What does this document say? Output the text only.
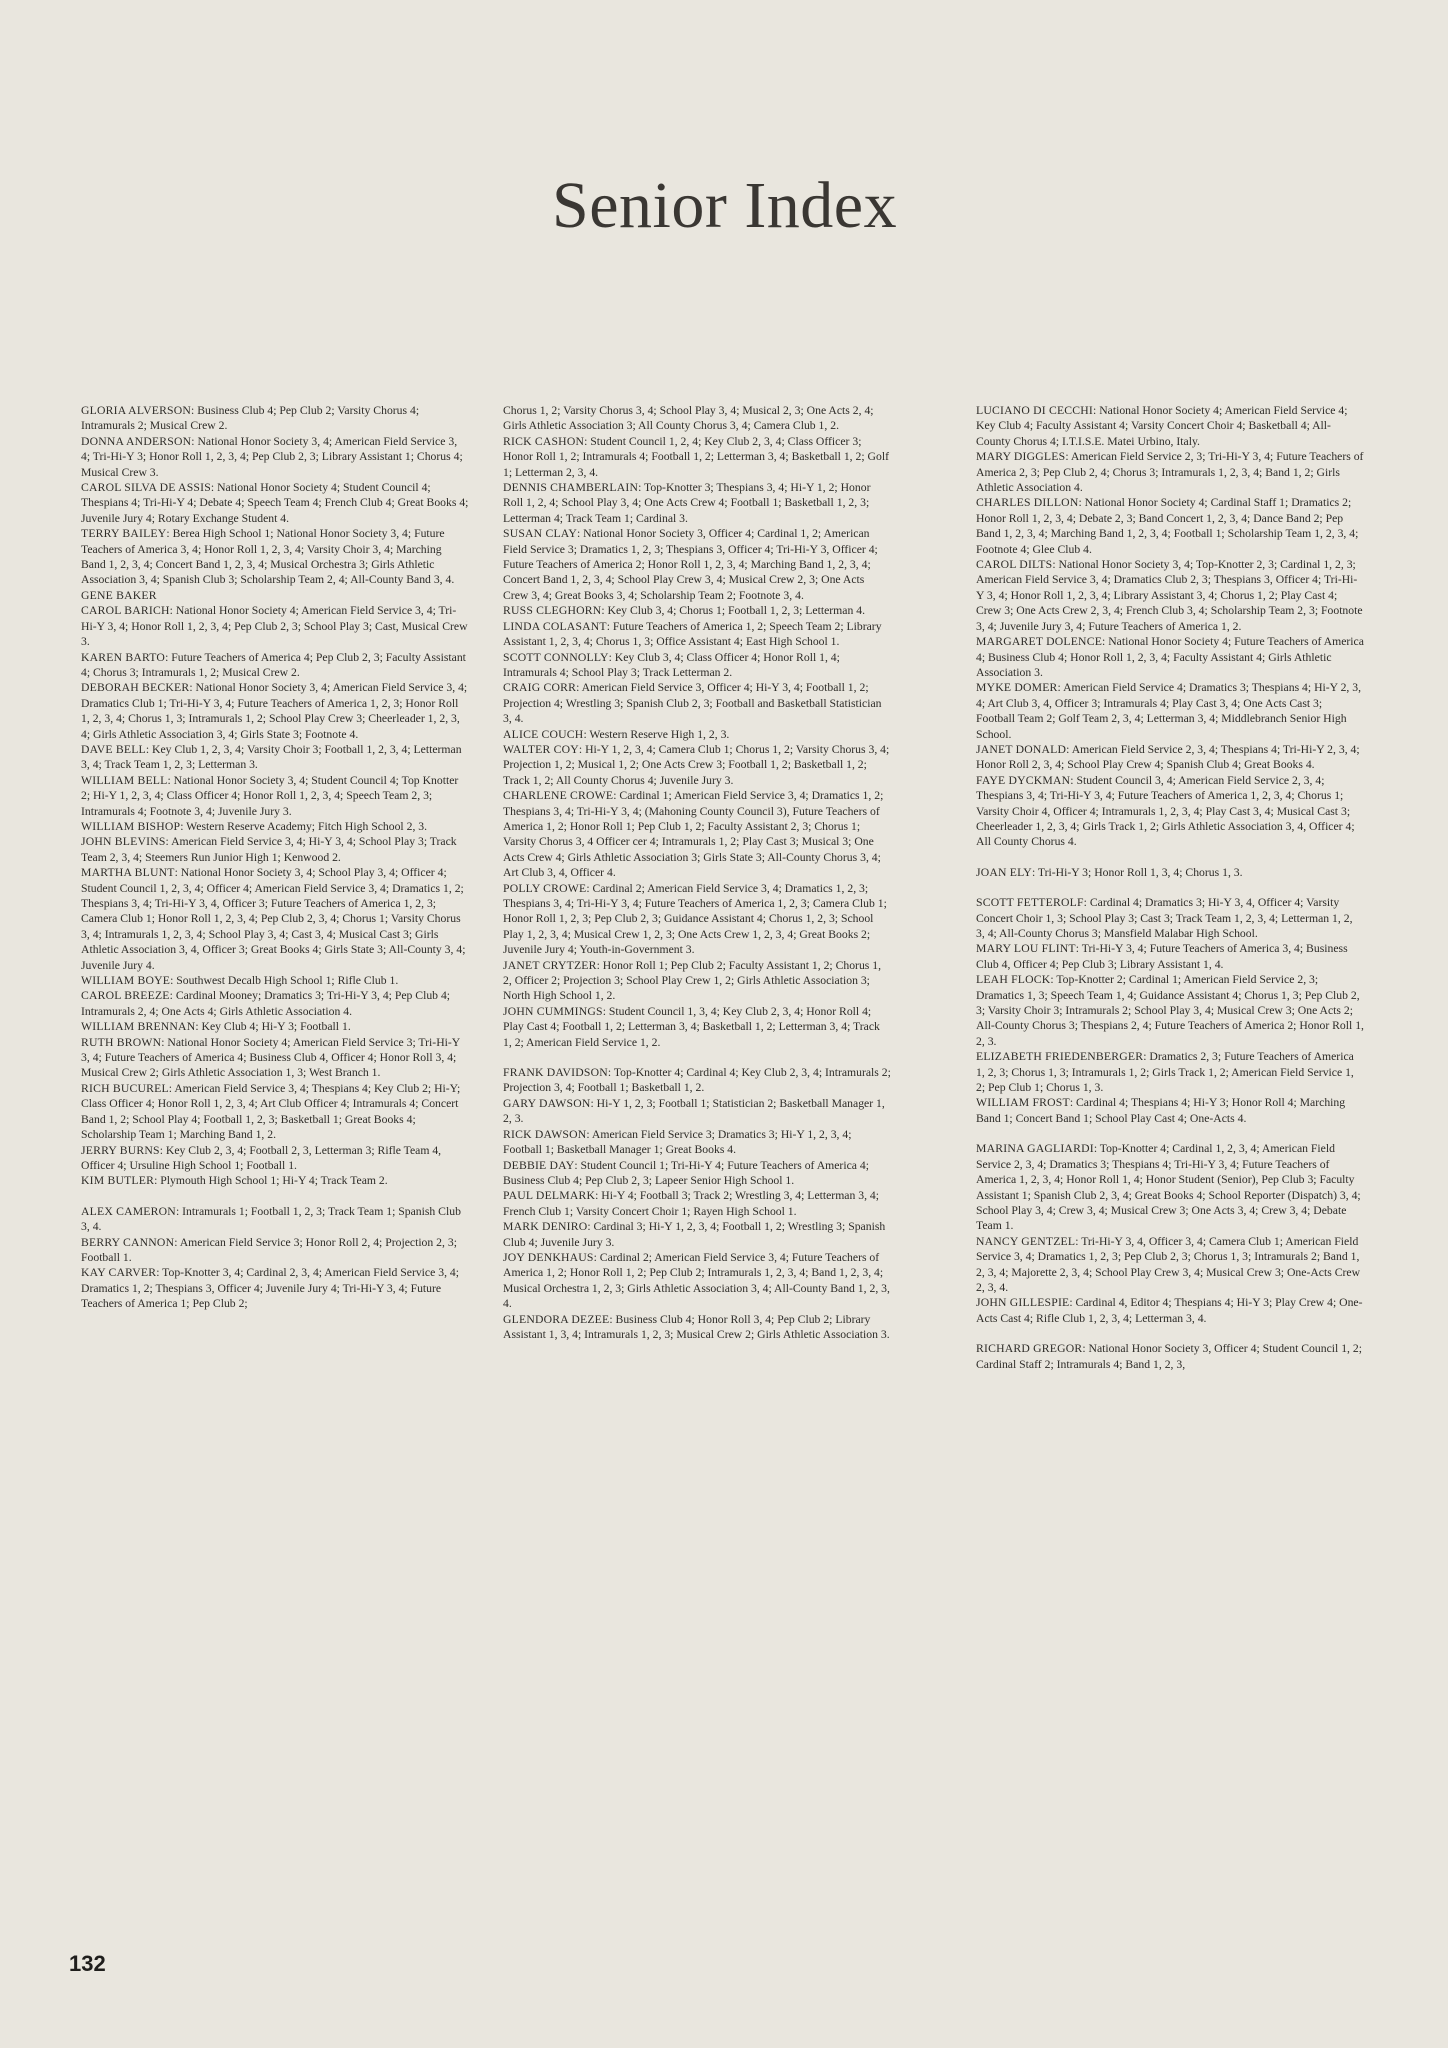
Senior Index

GLORIA ALVERSON: Business Club 4; Pep Club 2; Varsity Chorus 4; Intramurals 2; Musical Crew 2.

DONNA ANDERSON: National Honor Society 3, 4; American Field Service 3, 4; Tri-Hi-Y 3; Honor Roll 1, 2, 3, 4; Pep Club 2, 3; Library Assistant 1; Chorus 4; Musical Crew 3.

CAROL SILVA DE ASSIS: National Honor Society 4; Student Council 4; Thespians 4; Tri-Hi-Y 4; Debate 4; Speech Team 4; French Club 4; Great Books 4; Juvenile Jury 4; Rotary Exchange Student 4.

TERRY BAILEY: Berea High School 1; National Honor Society 3, 4; Future Teachers of America 3, 4; Honor Roll 1, 2, 3, 4; Varsity Choir 3, 4; Marching Band 1, 2, 3, 4; Concert Band 1, 2, 3, 4; Musical Orchestra 3; Girls Athletic Association 3, 4; Spanish Club 3; Scholarship Team 2, 4; All-County Band 3, 4.

GENE BAKER

CAROL BARICH: National Honor Society 4; American Field Service 3, 4; Tri-Hi-Y 3, 4; Honor Roll 1, 2, 3, 4; Pep Club 2, 3; School Play 3; Cast, Musical Crew 3.

KAREN BARTO: Future Teachers of America 4; Pep Club 2, 3; Faculty Assistant 4; Chorus 3; Intramurals 1, 2; Musical Crew 2.

DEBORAH BECKER: National Honor Society 3, 4; American Field Service 3, 4; Dramatics Club 1; Tri-Hi-Y 3, 4; Future Teachers of America 1, 2, 3; Honor Roll 1, 2, 3, 4; Chorus 1, 3; Intramurals 1, 2; School Play Crew 3; Cheerleader 1, 2, 3, 4; Girls Athletic Association 3, 4; Girls State 3; Footnote 4.

DAVE BELL: Key Club 1, 2, 3, 4; Varsity Choir 3; Football 1, 2, 3, 4; Letterman 3, 4; Track Team 1, 2, 3; Letterman 3.

WILLIAM BELL: National Honor Society 3, 4; Student Council 4; Top Knotter 2; Hi-Y 1, 2, 3, 4; Class Officer 4; Honor Roll 1, 2, 3, 4; Speech Team 2, 3; Intramurals 4; Footnote 3, 4; Juvenile Jury 3.

WILLIAM BISHOP: Western Reserve Academy; Fitch High School 2, 3.

JOHN BLEVINS: American Field Service 3, 4; Hi-Y 3, 4; School Play 3; Track Team 2, 3, 4; Steemers Run Junior High 1; Kenwood 2.

MARTHA BLUNT: National Honor Society 3, 4; School Play 3, 4; Officer 4; Student Council 1, 2, 3, 4; Officer 4; American Field Service 3, 4; Dramatics 1, 2; Thespians 3, 4; Tri-Hi-Y 3, 4, Officer 3; Future Teachers of America 1, 2, 3; Camera Club 1; Honor Roll 1, 2, 3, 4; Pep Club 2, 3, 4; Chorus 1; Varsity Chorus 3, 4; Intramurals 1, 2, 3, 4; School Play 3, 4; Cast 3, 4; Musical Cast 3; Girls Athletic Association 3, 4, Officer 3; Great Books 4; Girls State 3; All-County 3, 4; Juvenile Jury 4.

WILLIAM BOYE: Southwest Decalb High School 1; Rifle Club 1.

CAROL BREEZE: Cardinal Mooney; Dramatics 3; Tri-Hi-Y 3, 4; Pep Club 4; Intramurals 2, 4; One Acts 4; Girls Athletic Association 4.

WILLIAM BRENNAN: Key Club 4; Hi-Y 3; Football 1.

RUTH BROWN: National Honor Society 4; American Field Service 3; Tri-Hi-Y 3, 4; Future Teachers of America 4; Business Club 4, Officer 4; Honor Roll 3, 4; Musical Crew 2; Girls Athletic Association 1, 3; West Branch 1.

RICH BUCUREL: American Field Service 3, 4; Thespians 4; Key Club 2; Hi-Y; Class Officer 4; Honor Roll 1, 2, 3, 4; Art Club Officer 4; Intramurals 4; Concert Band 1, 2; School Play 4; Football 1, 2, 3; Basketball 1; Great Books 4; Scholarship Team 1; Marching Band 1, 2.

JERRY BURNS: Key Club 2, 3, 4; Football 2, 3, Letterman 3; Rifle Team 4, Officer 4; Ursuline High School 1; Football 1.

KIM BUTLER: Plymouth High School 1; Hi-Y 4; Track Team 2.

ALEX CAMERON: Intramurals 1; Football 1, 2, 3; Track Team 1; Spanish Club 3, 4.

BERRY CANNON: American Field Service 3; Honor Roll 2, 4; Projection 2, 3; Football 1.

KAY CARVER: Top-Knotter 3, 4; Cardinal 2, 3, 4; American Field Service 3, 4; Dramatics 1, 2; Thespians 3, Officer 4; Juvenile Jury 4; Tri-Hi-Y 3, 4; Future Teachers of America 1; Pep Club 2;

Chorus 1, 2; Varsity Chorus 3, 4; School Play 3, 4; Musical 2, 3; One Acts 2, 4; Girls Athletic Association 3; All County Chorus 3, 4; Camera Club 1, 2.

RICK CASHON: Student Council 1, 2, 4; Key Club 2, 3, 4; Class Officer 3; Honor Roll 1, 2; Intramurals 4; Football 1, 2; Letterman 3, 4; Basketball 1, 2; Golf 1; Letterman 2, 3, 4.

DENNIS CHAMBERLAIN: Top-Knotter 3; Thespians 3, 4; Hi-Y 1, 2; Honor Roll 1, 2, 4; School Play 3, 4; One Acts Crew 4; Football 1; Basketball 1, 2, 3; Letterman 4; Track Team 1; Cardinal 3.

SUSAN CLAY: National Honor Society 3, Officer 4; Cardinal 1, 2; American Field Service 3; Dramatics 1, 2, 3; Thespians 3, Officer 4; Tri-Hi-Y 3, Officer 4; Future Teachers of America 2; Honor Roll 1, 2, 3, 4; Marching Band 1, 2, 3, 4; Concert Band 1, 2, 3, 4; School Play Crew 3, 4; Musical Crew 2, 3; One Acts Crew 3, 4; Great Books 3, 4; Scholarship Team 2; Footnote 3, 4.

RUSS CLEGHORN: Key Club 3, 4; Chorus 1; Football 1, 2, 3; Letterman 4.

LINDA COLASANT: Future Teachers of America 1, 2; Speech Team 2; Library Assistant 1, 2, 3, 4; Chorus 1, 3; Office Assistant 4; East High School 1.

SCOTT CONNOLLY: Key Club 3, 4; Class Officer 4; Honor Roll 1, 4; Intramurals 4; School Play 3; Track Letterman 2.

CRAIG CORR: American Field Service 3, Officer 4; Hi-Y 3, 4; Football 1, 2; Projection 4; Wrestling 3; Spanish Club 2, 3; Football and Basketball Statistician 3, 4.

ALICE COUCH: Western Reserve High 1, 2, 3.

WALTER COY: Hi-Y 1, 2, 3, 4; Camera Club 1; Chorus 1, 2; Varsity Chorus 3, 4; Projection 1, 2; Musical 1, 2; One Acts Crew 3; Football 1, 2; Basketball 1, 2; Track 1, 2; All County Chorus 4; Juvenile Jury 3.

CHARLENE CROWE: Cardinal 1; American Field Service 3, 4; Dramatics 1, 2; Thespians 3, 4; Tri-Hi-Y 3, 4; (Mahoning County Council 3), Future Teachers of America 1, 2; Honor Roll 1; Pep Club 1, 2; Faculty Assistant 2, 3; Chorus 1; Varsity Chorus 3, 4 Officer cer 4; Intramurals 1, 2; Play Cast 3; Musical 3; One Acts Crew 4; Girls Athletic Association 3; Girls State 3; All-County Chorus 3, 4; Art Club 3, 4, Officer 4.

POLLY CROWE: Cardinal 2; American Field Service 3, 4; Dramatics 1, 2, 3; Thespians 3, 4; Tri-Hi-Y 3, 4; Future Teachers of America 1, 2, 3; Camera Club 1; Honor Roll 1, 2, 3; Pep Club 2, 3; Guidance Assistant 4; Chorus 1, 2, 3; School Play 1, 2, 3, 4; Musical Crew 1, 2, 3; One Acts Crew 1, 2, 3, 4; Great Books 2; Juvenile Jury 4; Youth-in-Government 3.

JANET CRYTZER: Honor Roll 1; Pep Club 2; Faculty Assistant 1, 2; Chorus 1, 2, Officer 2; Projection 3; School Play Crew 1, 2; Girls Athletic Association 3; North High School 1, 2.

JOHN CUMMINGS: Student Council 1, 3, 4; Key Club 2, 3, 4; Honor Roll 4; Play Cast 4; Football 1, 2; Letterman 3, 4; Basketball 1, 2; Letterman 3, 4; Track 1, 2; American Field Service 1, 2.

FRANK DAVIDSON: Top-Knotter 4; Cardinal 4; Key Club 2, 3, 4; Intramurals 2; Projection 3, 4; Football 1; Basketball 1, 2.

GARY DAWSON: Hi-Y 1, 2, 3; Football 1; Statistician 2; Basketball Manager 1, 2, 3.

RICK DAWSON: American Field Service 3; Dramatics 3; Hi-Y 1, 2, 3, 4; Football 1; Basketball Manager 1; Great Books 4.

DEBBIE DAY: Student Council 1; Tri-Hi-Y 4; Future Teachers of America 4; Business Club 4; Pep Club 2, 3; Lapeer Senior High School 1.

PAUL DELMARK: Hi-Y 4; Football 3; Track 2; Wrestling 3, 4; Letterman 3, 4; French Club 1; Varsity Concert Choir 1; Rayen High School 1.

MARK DENIRO: Cardinal 3; Hi-Y 1, 2, 3, 4; Football 1, 2; Wrestling 3; Spanish Club 4; Juvenile Jury 3.

JOY DENKHAUS: Cardinal 2; American Field Service 3, 4; Future Teachers of America 1, 2; Honor Roll 1, 2; Pep Club 2; Intramurals 1, 2, 3, 4; Band 1, 2, 3, 4; Musical Orchestra 1, 2, 3; Girls Athletic Association 3, 4; All-County Band 1, 2, 3, 4.

GLENDORA DEZEE: Business Club 4; Honor Roll 3, 4; Pep Club 2; Library Assistant 1, 3, 4; Intramurals 1, 2, 3; Musical Crew 2; Girls Athletic Association 3.

LUCIANO DI CECCHI: National Honor Society 4; American Field Service 4; Key Club 4; Faculty Assistant 4; Varsity Concert Choir 4; Basketball 4; All-County Chorus 4; I.T.I.S.E. Matei Urbino, Italy.

MARY DIGGLES: American Field Service 2, 3; Tri-Hi-Y 3, 4; Future Teachers of America 2, 3; Pep Club 2, 4; Chorus 3; Intramurals 1, 2, 3, 4; Band 1, 2; Girls Athletic Association 4.

CHARLES DILLON: National Honor Society 4; Cardinal Staff 1; Dramatics 2; Honor Roll 1, 2, 3, 4; Debate 2, 3; Band Concert 1, 2, 3, 4; Dance Band 2; Pep Band 1, 2, 3, 4; Marching Band 1, 2, 3, 4; Football 1; Scholarship Team 1, 2, 3, 4; Footnote 4; Glee Club 4.

CAROL DILTS: National Honor Society 3, 4; Top-Knotter 2, 3; Cardinal 1, 2, 3; American Field Service 3, 4; Dramatics Club 2, 3; Thespians 3, Officer 4; Tri-Hi-Y 3, 4; Honor Roll 1, 2, 3, 4; Library Assistant 3, 4; Chorus 1, 2; Play Cast 4; Crew 3; One Acts Crew 2, 3, 4; French Club 3, 4; Scholarship Team 2, 3; Footnote 3, 4; Juvenile Jury 3, 4; Future Teachers of America 1, 2.

MARGARET DOLENCE: National Honor Society 4; Future Teachers of America 4; Business Club 4; Honor Roll 1, 2, 3, 4; Faculty Assistant 4; Girls Athletic Association 3.

MYKE DOMER: American Field Service 4; Dramatics 3; Thespians 4; Hi-Y 2, 3, 4; Art Club 3, 4, Officer 3; Intramurals 4; Play Cast 3, 4; One Acts Cast 3; Football Team 2; Golf Team 2, 3, 4; Letterman 3, 4; Middlebranch Senior High School.

JANET DONALD: American Field Service 2, 3, 4; Thespians 4; Tri-Hi-Y 2, 3, 4; Honor Roll 2, 3, 4; School Play Crew 4; Spanish Club 4; Great Books 4.

FAYE DYCKMAN: Student Council 3, 4; American Field Service 2, 3, 4; Thespians 3, 4; Tri-Hi-Y 3, 4; Future Teachers of America 1, 2, 3, 4; Chorus 1; Varsity Choir 4, Officer 4; Intramurals 1, 2, 3, 4; Play Cast 3, 4; Musical Cast 3; Cheerleader 1, 2, 3, 4; Girls Track 1, 2; Girls Athletic Association 3, 4, Officer 4; All County Chorus 4.

JOAN ELY: Tri-Hi-Y 3; Honor Roll 1, 3, 4; Chorus 1, 3.

SCOTT FETTEROLF: Cardinal 4; Dramatics 3; Hi-Y 3, 4, Officer 4; Varsity Concert Choir 1, 3; School Play 3; Cast 3; Track Team 1, 2, 3, 4; Letterman 1, 2, 3, 4; All-County Chorus 3; Mansfield Malabar High School.

MARY LOU FLINT: Tri-Hi-Y 3, 4; Future Teachers of America 3, 4; Business Club 4, Officer 4; Pep Club 3; Library Assistant 1, 4.

LEAH FLOCK: Top-Knotter 2; Cardinal 1; American Field Service 2, 3; Dramatics 1, 3; Speech Team 1, 4; Guidance Assistant 4; Chorus 1, 3; Pep Club 2, 3; Varsity Choir 3; Intramurals 2; School Play 3, 4; Musical Crew 3; One Acts 2; All-County Chorus 3; Thespians 2, 4; Future Teachers of America 2; Honor Roll 1, 2, 3.

ELIZABETH FRIEDENBERGER: Dramatics 2, 3; Future Teachers of America 1, 2, 3; Chorus 1, 3; Intramurals 1, 2; Girls Track 1, 2; American Field Service 1, 2; Pep Club 1; Chorus 1, 3.

WILLIAM FROST: Cardinal 4; Thespians 4; Hi-Y 3; Honor Roll 4; Marching Band 1; Concert Band 1; School Play Cast 4; One-Acts 4.

MARINA GAGLIARDI: Top-Knotter 4; Cardinal 1, 2, 3, 4; American Field Service 2, 3, 4; Dramatics 3; Thespians 4; Tri-Hi-Y 3, 4; Future Teachers of America 1, 2, 3, 4; Honor Roll 1, 4; Honor Student (Senior), Pep Club 3; Faculty Assistant 1; Spanish Club 2, 3, 4; Great Books 4; School Reporter (Dispatch) 3, 4; School Play 3, 4; Crew 3, 4; Musical Crew 3; One Acts 3, 4; Crew 3, 4; Debate Team 1.

NANCY GENTZEL: Tri-Hi-Y 3, 4, Officer 3, 4; Camera Club 1; American Field Service 3, 4; Dramatics 1, 2, 3; Pep Club 2, 3; Chorus 1, 3; Intramurals 2; Band 1, 2, 3, 4; Majorette 2, 3, 4; School Play Crew 3, 4; Musical Crew 3; One-Acts Crew 2, 3, 4.

JOHN GILLESPIE: Cardinal 4, Editor 4; Thespians 4; Hi-Y 3; Play Crew 4; One-Acts Cast 4; Rifle Club 1, 2, 3, 4; Letterman 3, 4.

RICHARD GREGOR: National Honor Society 3, Officer 4; Student Council 1, 2; Cardinal Staff 2; Intramurals 4; Band 1, 2, 3,

132
